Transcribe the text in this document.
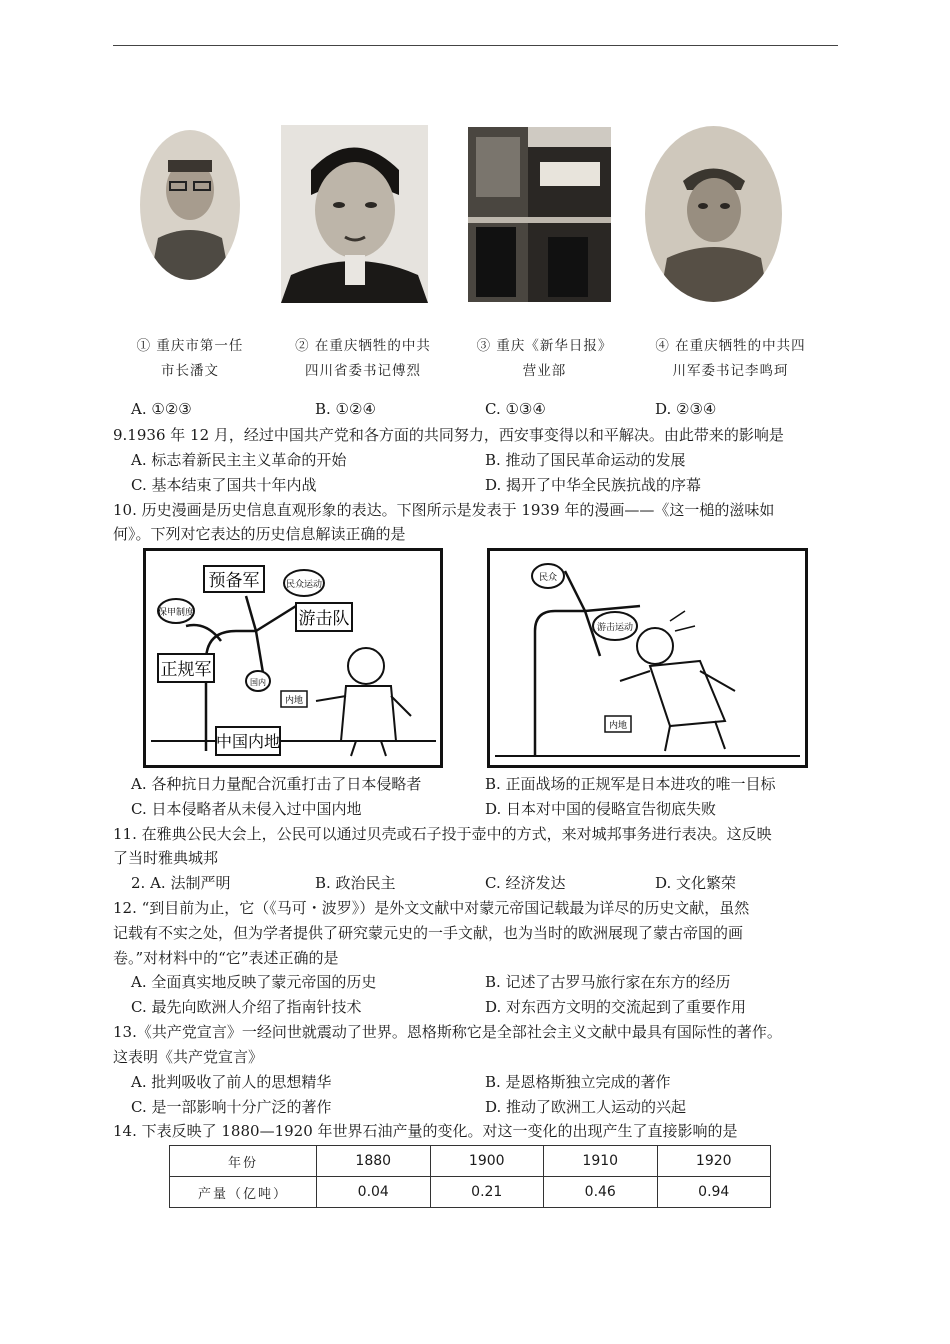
① 重庆市第一任
市长潘文
② 在重庆牺牲的中共
四川省委书记傅烈
③ 重庆《新华日报》
营业部
④ 在重庆牺牲的中共四
川军委书记李鸣珂
A. ①②③	B. ①②④	C. ①③④	D. ②③④
9.1936 年 12 月，经过中国共产党和各方面的共同努力，西安事变得以和平解决。由此带来的影响是
A. 标志着新民主主义革命的开始	B. 推动了国民革命运动的发展
C. 基本结束了国共十年内战	D. 揭开了中华全民族抗战的序幕
10. 历史漫画是历史信息直观形象的表达。下图所示是发表于 1939 年的漫画——《这一槌的滋味如
何》。下列对它表达的历史信息解读正确的是
预备军	民众运动
保甲制度	游击队
正规军
国内
内地
中国内地
民众
游击运动
内地
A. 各种抗日力量配合沉重打击了日本侵略者	B. 正面战场的正规军是日本进攻的唯一目标
C. 日本侵略者从未侵入过中国内地	D. 日本对中国的侵略宣告彻底失败
11. 在雅典公民大会上，公民可以通过贝壳或石子投于壶中的方式，来对城邦事务进行表决。这反映
了当时雅典城邦
2. A. 法制严明	B. 政治民主	C. 经济发达	D. 文化繁荣
12. “到目前为止，它（《马可・波罗》）是外文文献中对蒙元帝国记载最为详尽的历史文献，虽然
记载有不实之处，但为学者提供了研究蒙元史的一手文献，也为当时的欧洲展现了蒙古帝国的画
卷。”对材料中的“它”表述正确的是
A. 全面真实地反映了蒙元帝国的历史	B. 记述了古罗马旅行家在东方的经历
C. 最先向欧洲人介绍了指南针技术	D. 对东西方文明的交流起到了重要作用
13.《共产党宣言》一经问世就震动了世界。恩格斯称它是全部社会主义文献中最具有国际性的著作。
这表明《共产党宣言》
A. 批判吸收了前人的思想精华	B. 是恩格斯独立完成的著作
C. 是一部影响十分广泛的著作	D. 推动了欧洲工人运动的兴起
14. 下表反映了 1880—1920 年世界石油产量的变化。对这一变化的出现产生了直接影响的是
年份	1880	1900	1910	1920
产量（亿吨）	0.04	0.21	0.46	0.94
